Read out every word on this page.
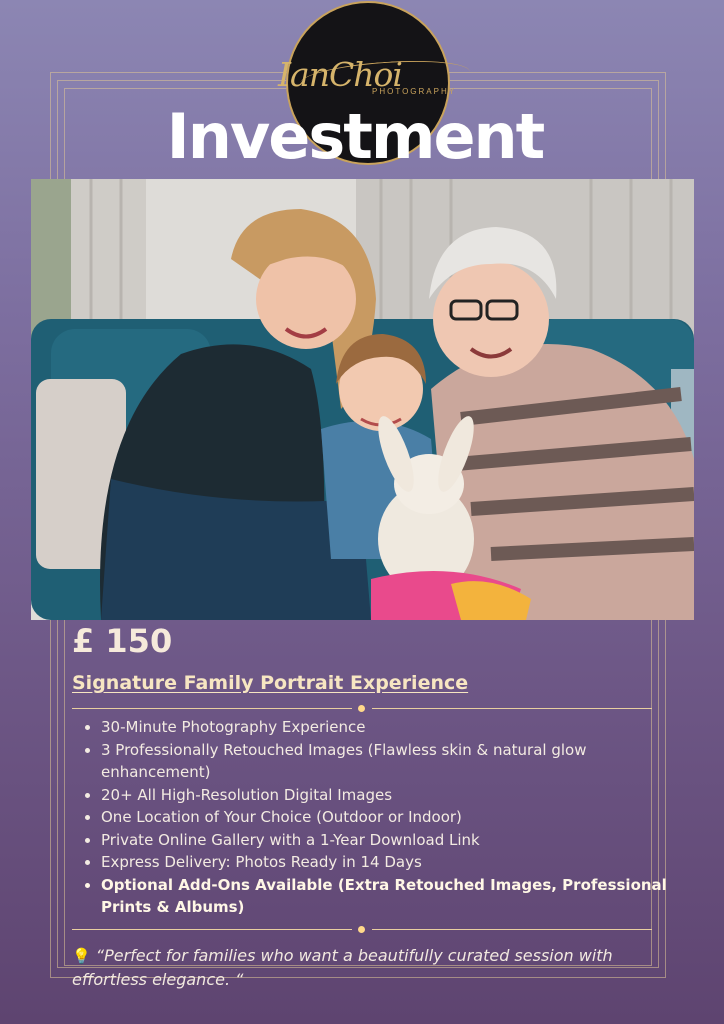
IanChoi
PHOTOGRAPHY
Investment
£ 150
Signature Family Portrait Experience
• 30-Minute Photography Experience
• 3 Professionally Retouched Images (Flawless skin & natural glow enhancement)
• 20+ All High-Resolution Digital Images
• One Location of Your Choice (Outdoor or Indoor)
• Private Online Gallery with a 1-Year Download Link
• Express Delivery: Photos Ready in 14 Days
• Optional Add-Ons Available (Extra Retouched Images, Professional Prints & Albums)
💡 “Perfect for families who want a beautifully curated session with effortless elegance. “
